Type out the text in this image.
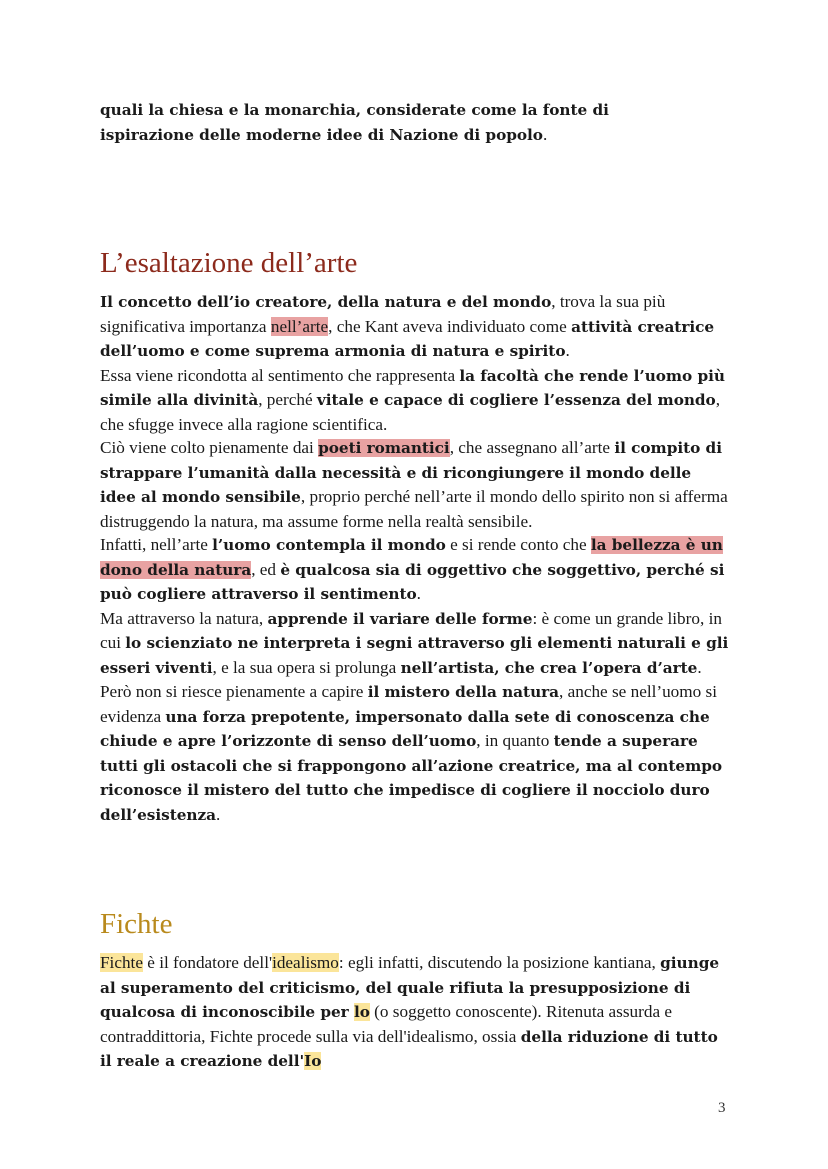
quali la chiesa e la monarchia, considerate come la fonte di
ispirazione delle moderne idee di Nazione di popolo.

L’esaltazione dell’arte

Il concetto dell’io creatore, della natura e del mondo, trova la sua più significativa importanza nell’arte, che Kant aveva individuato come attività creatrice dell’uomo e come suprema armonia di natura e spirito.

Essa viene ricondotta al sentimento che rappresenta la facoltà che rende l’uomo più simile alla divinità, perché vitale e capace di cogliere l’essenza del mondo, che sfugge invece alla ragione scientifica.

Ciò viene colto pienamente dai poeti romantici, che assegnano all’arte il compito di strappare l’umanità dalla necessità e di ricongiungere il mondo delle idee al mondo sensibile, proprio perché nell’arte il mondo dello spirito non si afferma distruggendo la natura, ma assume forme nella realtà sensibile.

Infatti, nell’arte l’uomo contempla il mondo e si rende conto che la bellezza è un dono della natura, ed è qualcosa sia di oggettivo che soggettivo, perché si può cogliere attraverso il sentimento.

Ma attraverso la natura, apprende il variare delle forme: è come un grande libro, in cui lo scienziato ne interpreta i segni attraverso gli elementi naturali e gli esseri viventi, e la sua opera si prolunga nell’artista, che crea l’opera d’arte.

Però non si riesce pienamente a capire il mistero della natura, anche se nell’uomo si evidenza una forza prepotente, impersonato dalla sete di conoscenza che chiude e apre l’orizzonte di senso dell’uomo, in quanto tende a superare tutti gli ostacoli che si frappongono all’azione creatrice, ma al contempo riconosce il mistero del tutto che impedisce di cogliere il nocciolo duro dell’esistenza.

Fichte

Fichte è il fondatore dell'idealismo: egli infatti, discutendo la posizione kantiana, giunge al superamento del criticismo, del quale rifiuta la presupposizione di qualcosa di inconoscibile per lo (o soggetto conoscente). Ritenuta assurda e contraddittoria, Fichte procede sulla via dell'idealismo, ossia della riduzione di tutto il reale a creazione dell'Io

3
